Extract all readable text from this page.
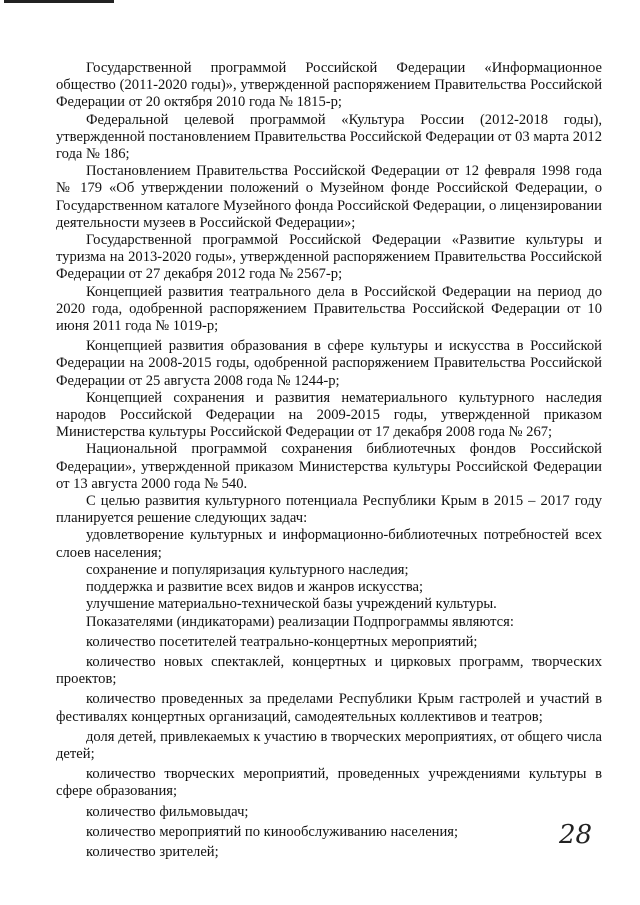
Государственной программой Российской Федерации «Информационное общество (2011-2020 годы)», утвержденной распоряжением Правительства Российской Федерации от 20 октября 2010 года № 1815-р;

Федеральной целевой программой «Культура России (2012-2018 годы), утвержденной постановлением Правительства Российской Федерации от 03 марта 2012 года № 186;

Постановлением Правительства Российской Федерации от 12 февраля 1998 года № 179 «Об утверждении положений о Музейном фонде Российской Федерации, о Государственном каталоге Музейного фонда Российской Федерации, о лицензировании деятельности музеев в Российской Федерации»;

Государственной программой Российской Федерации «Развитие культуры и туризма на 2013-2020 годы», утвержденной распоряжением Правительства Российской Федерации от 27 декабря 2012 года № 2567-р;

Концепцией развития театрального дела в Российской Федерации на период до 2020 года, одобренной распоряжением Правительства Российской Федерации от 10 июня 2011 года № 1019-р;

Концепцией развития образования в сфере культуры и искусства в Российской Федерации на 2008-2015 годы, одобренной распоряжением Правительства Российской Федерации от 25 августа 2008 года № 1244-р;

Концепцией сохранения и развития нематериального культурного наследия народов Российской Федерации на 2009-2015 годы, утвержденной приказом Министерства культуры Российской Федерации от 17 декабря 2008 года № 267;

Национальной программой сохранения библиотечных фондов Российской Федерации», утвержденной приказом Министерства культуры Российской Федерации от 13 августа 2000 года № 540.

С целью развития культурного потенциала Республики Крым в 2015 – 2017 году планируется решение следующих задач:

удовлетворение культурных и информационно-библиотечных потребностей всех слоев населения;

сохранение и популяризация культурного наследия;

поддержка и развитие всех видов и жанров искусства;

улучшение материально-технической базы учреждений культуры.

Показателями (индикаторами) реализации Подпрограммы являются:

количество посетителей театрально-концертных мероприятий;

количество новых спектаклей, концертных и цирковых программ, творческих проектов;

количество проведенных за пределами Республики Крым гастролей и участий в фестивалях концертных организаций, самодеятельных коллективов и театров;

доля детей, привлекаемых к участию в творческих мероприятиях, от общего числа детей;

количество творческих мероприятий, проведенных учреждениями культуры в сфере образования;

количество фильмовыдач;

количество мероприятий по кинообслуживанию населения;

количество зрителей;

28
